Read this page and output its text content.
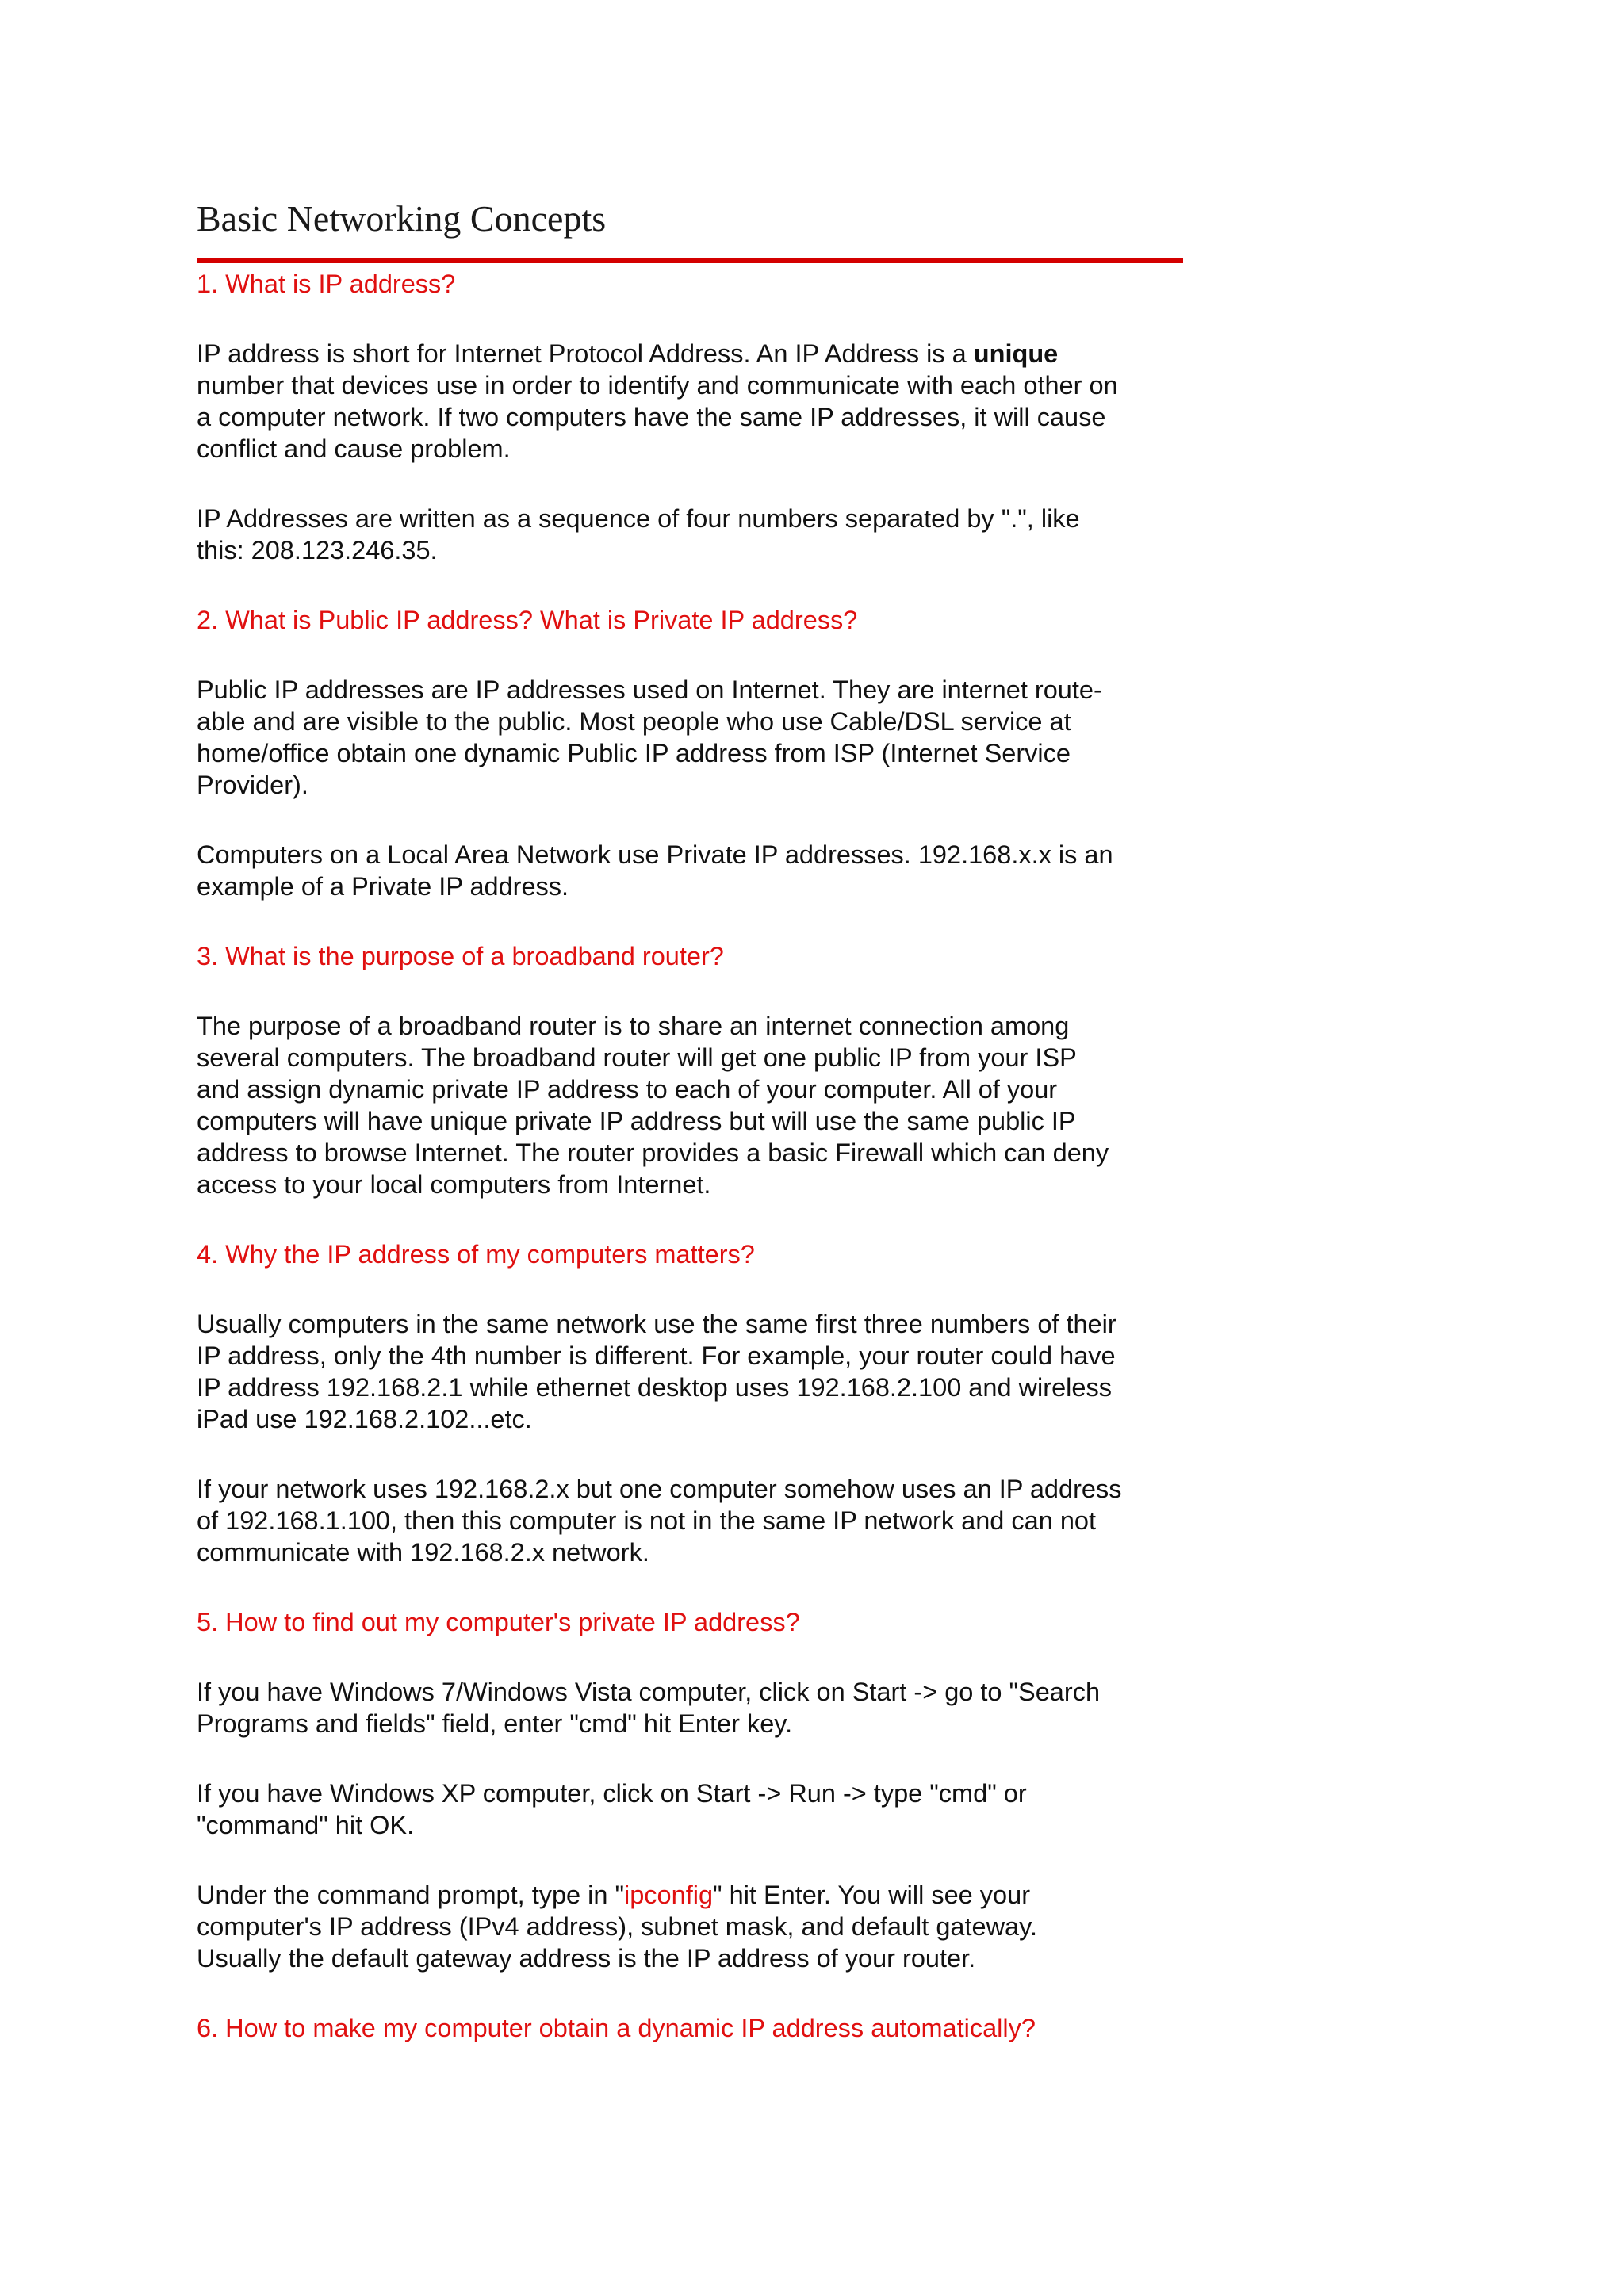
Basic Networking Concepts

1. What is IP address?

IP address is short for Internet Protocol Address. An IP Address is a unique
number that devices use in order to identify and communicate with each other on
a computer network. If two computers have the same IP addresses, it will cause
conflict and cause problem.
IP Addresses are written as a sequence of four numbers separated by ".", like
this: 208.123.246.35.

2. What is Public IP address? What is Private IP address?

Public IP addresses are IP addresses used on Internet. They are internet route-
able and are visible to the public. Most people who use Cable/DSL service at
home/office obtain one dynamic Public IP address from ISP (Internet Service
Provider).
Computers on a Local Area Network use Private IP addresses. 192.168.x.x is an
example of a Private IP address.

3. What is the purpose of a broadband router?

The purpose of a broadband router is to share an internet connection among
several computers. The broadband router will get one public IP from your ISP
and assign dynamic private IP address to each of your computer. All of your
computers will have unique private IP address but will use the same public IP
address to browse Internet. The router provides a basic Firewall which can deny
access to your local computers from Internet.

4. Why the IP address of my computers matters?

Usually computers in the same network use the same first three numbers of their
IP address, only the 4th number is different. For example, your router could have
IP address 192.168.2.1 while ethernet desktop uses 192.168.2.100 and wireless
iPad use 192.168.2.102...etc.
If your network uses 192.168.2.x but one computer somehow uses an IP address
of 192.168.1.100, then this computer is not in the same IP network and can not
communicate with 192.168.2.x network.

5. How to find out my computer's private IP address?

If you have Windows 7/Windows Vista computer, click on Start -> go to "Search
Programs and fields" field, enter "cmd" hit Enter key.
If you have Windows XP computer, click on Start -> Run -> type "cmd" or
"command" hit OK.
Under the command prompt, type in "ipconfig" hit Enter. You will see your
computer's IP address (IPv4 address), subnet mask, and default gateway.
Usually the default gateway address is the IP address of your router.

6. How to make my computer obtain a dynamic IP address automatically?
